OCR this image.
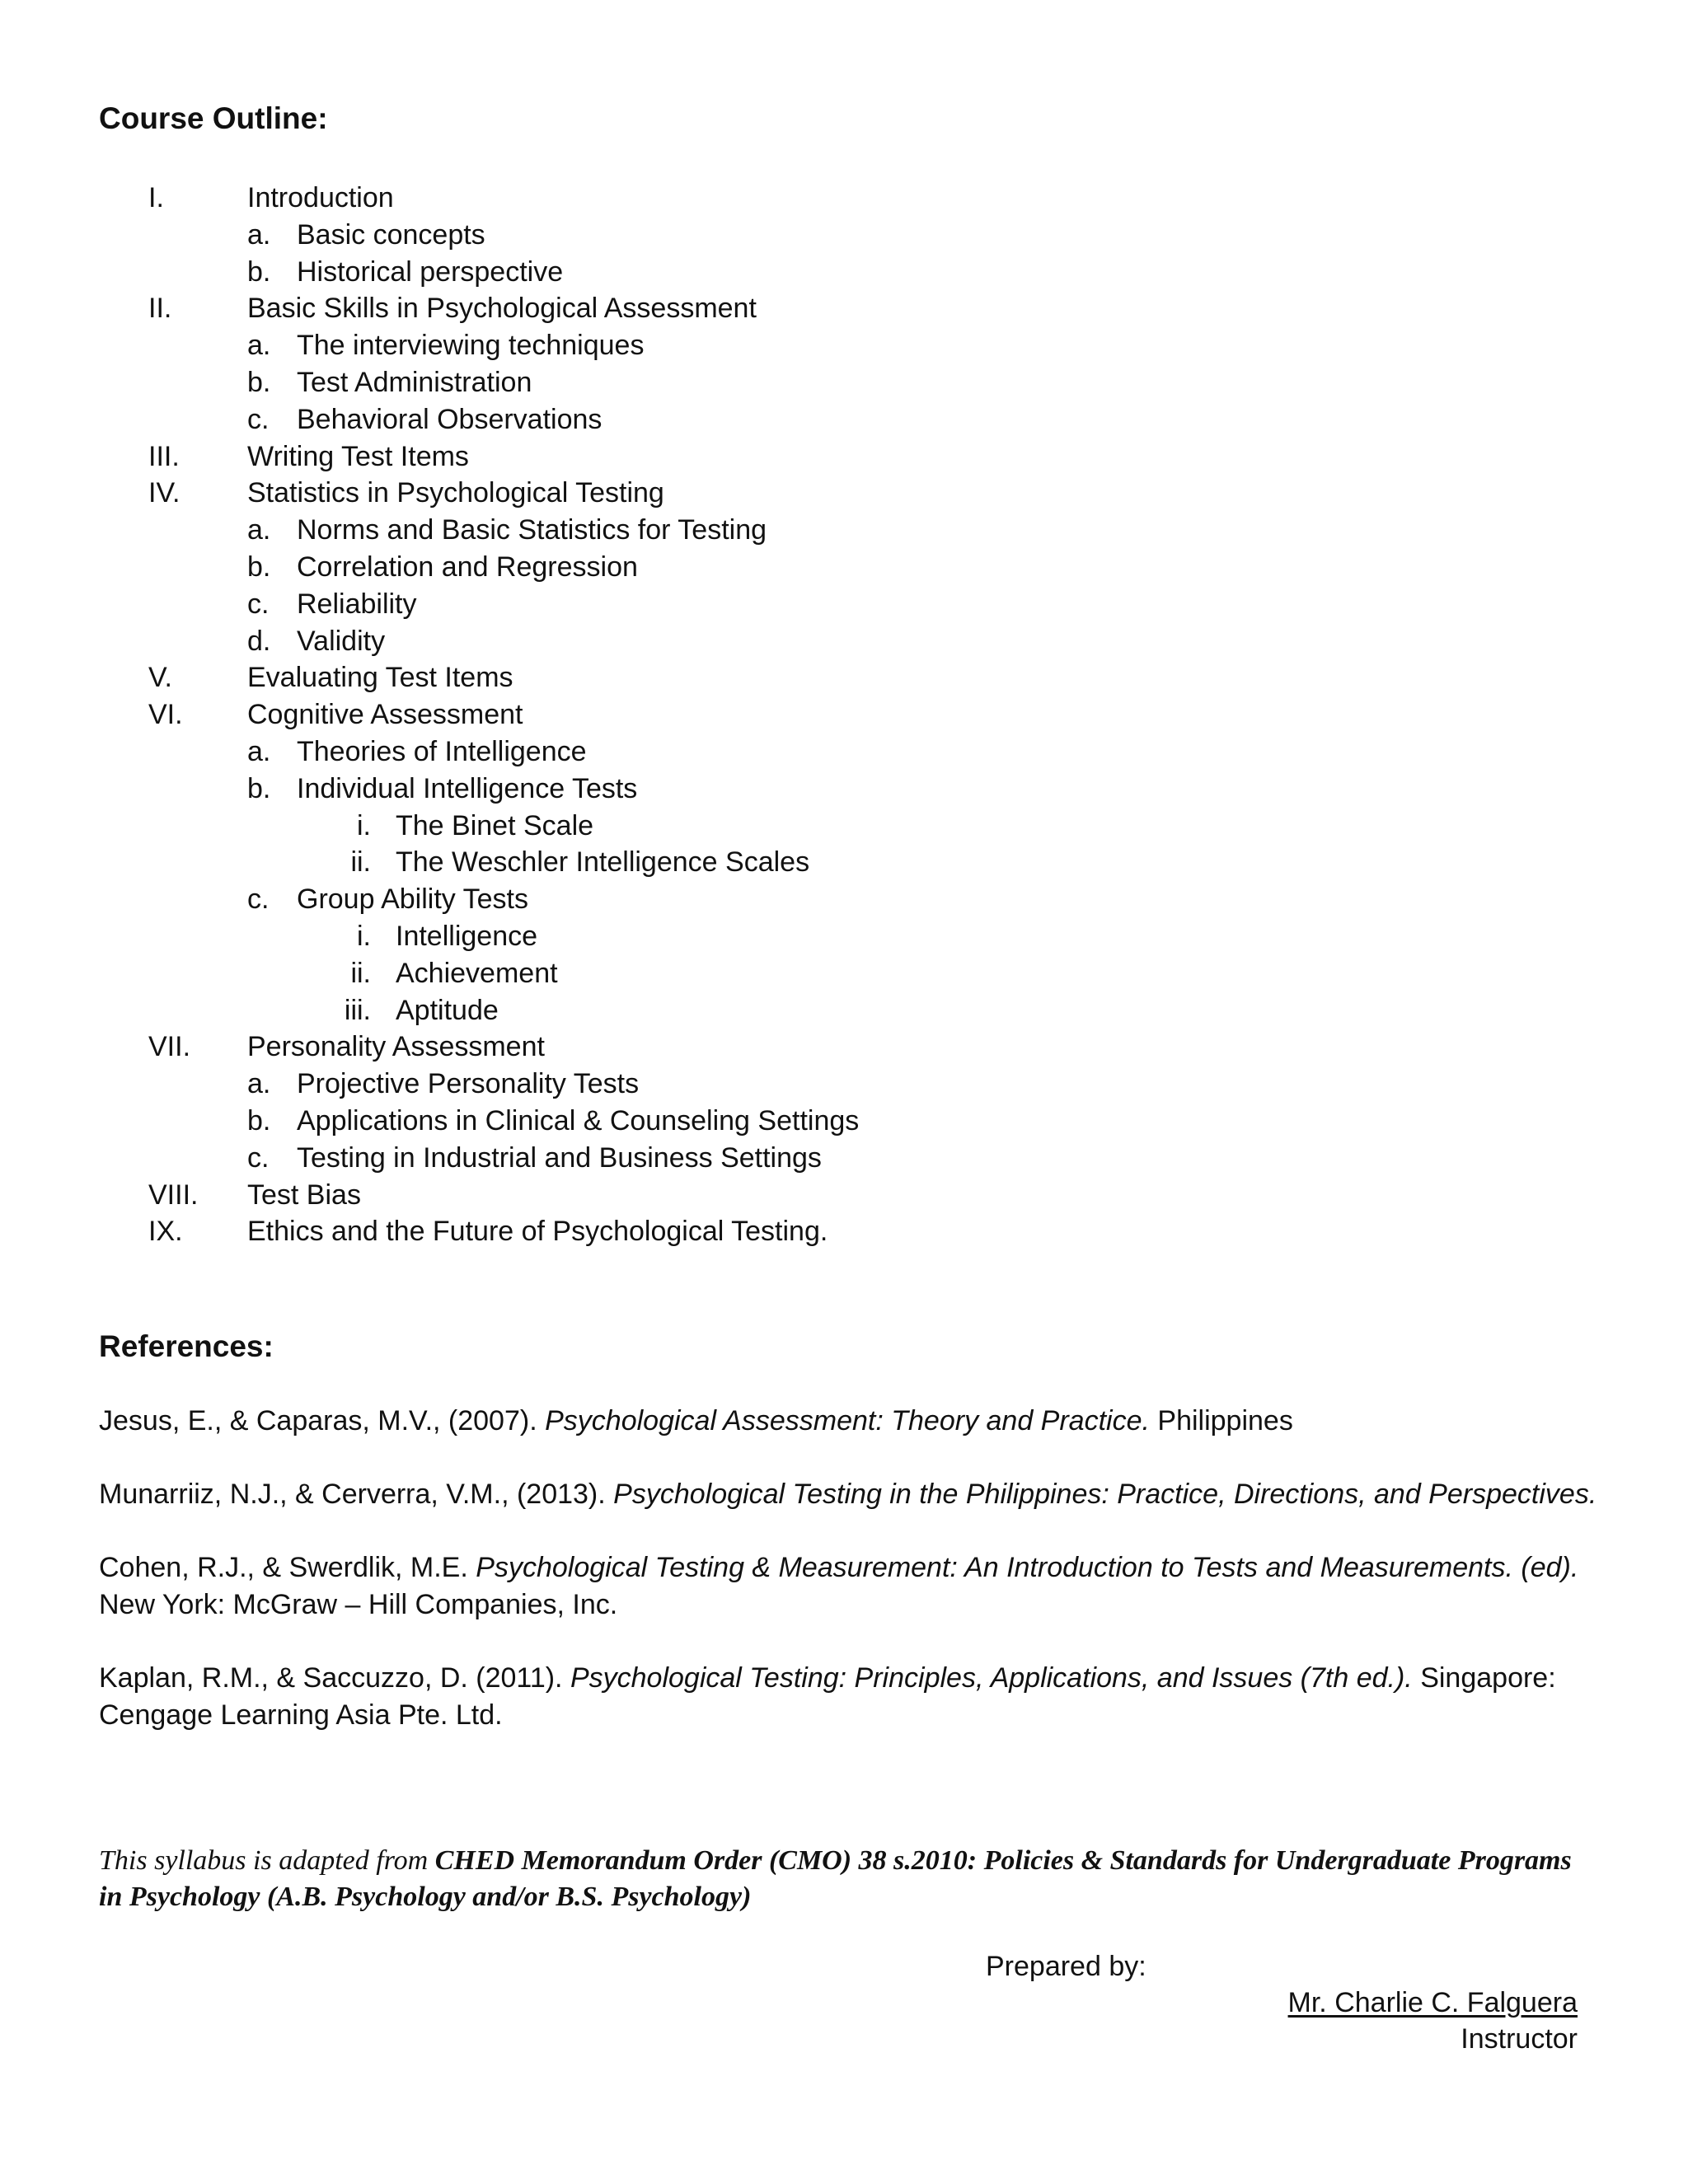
Course Outline:
I.	Introduction
a. Basic concepts
b. Historical perspective
II.	Basic Skills in Psychological Assessment
a. The interviewing techniques
b. Test Administration
c. Behavioral Observations
III. Writing Test Items
IV. Statistics in Psychological Testing
a. Norms and Basic Statistics for Testing
b. Correlation and Regression
c. Reliability
d. Validity
V.	Evaluating Test Items
VI. Cognitive Assessment
a. Theories of Intelligence
b. Individual Intelligence Tests
i. The Binet Scale
ii. The Weschler Intelligence Scales
c. Group Ability Tests
i. Intelligence
ii. Achievement
iii. Aptitude
VII. Personality Assessment
a. Projective Personality Tests
b. Applications in Clinical & Counseling Settings
c. Testing in Industrial and Business Settings
VIII. Test Bias
IX. Ethics and the Future of Psychological Testing.
References:
Jesus, E., & Caparas, M.V., (2007). Psychological Assessment: Theory and Practice. Philippines
Munarriiz, N.J., & Cerverra, V.M., (2013). Psychological Testing in the Philippines: Practice, Directions, and Perspectives.
Cohen, R.J., & Swerdlik, M.E. Psychological Testing & Measurement: An Introduction to Tests and Measurements. (ed). New York: McGraw – Hill Companies, Inc.
Kaplan, R.M., & Saccuzzo, D. (2011). Psychological Testing: Principles, Applications, and Issues (7th ed.). Singapore: Cengage Learning Asia Pte. Ltd.
This syllabus is adapted from CHED Memorandum Order (CMO) 38 s.2010: Policies & Standards for Undergraduate Programs in Psychology (A.B. Psychology and/or B.S. Psychology)
Prepared by:
Mr. Charlie C. Falguera
Instructor
